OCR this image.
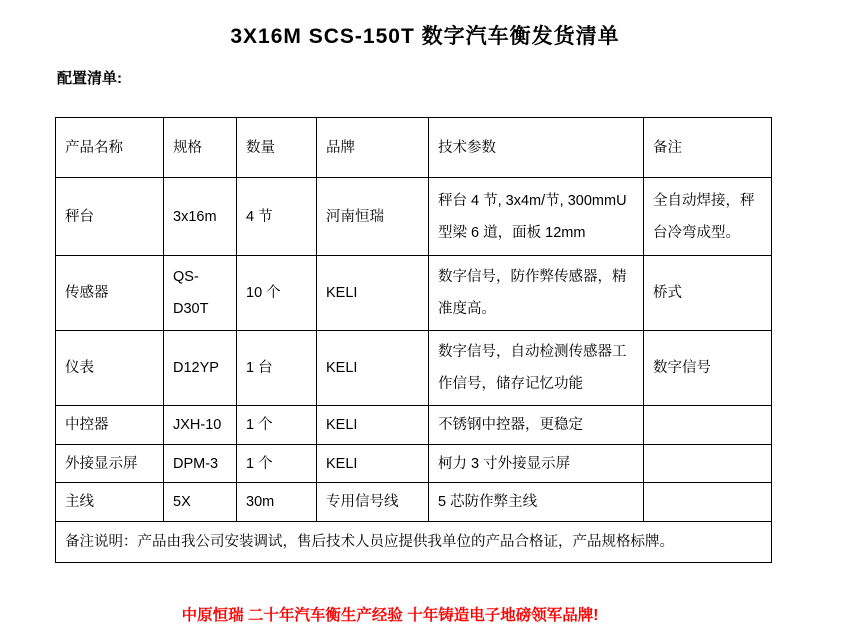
3X16M SCS-150T 数字汽车衡发货清单
配置清单:
产品名称	规格	数量	品牌	技术参数	备注
秤台	3x16m	4 节	河南恒瑞	秤台 4 节, 3x4m/节, 300mmU型梁 6 道，面板 12mm	全自动焊接，秤台冷弯成型。
传感器	QS-D30T	10 个	KELI	数字信号，防作弊传感器，精准度高。	桥式
仪表	D12YP	1 台	KELI	数字信号，自动检测传感器工作信号，储存记忆功能	数字信号
中控器	JXH-10	1 个	KELI	不锈钢中控器，更稳定	
外接显示屏	DPM-3	1 个	KELI	柯力 3 寸外接显示屏	
主线	5X	30m	专用信号线	5 芯防作弊主线	
备注说明：产品由我公司安装调试，售后技术人员应提供我单位的产品合格证，产品规格标牌。					
中原恒瑞 二十年汽车衡生产经验 十年铸造电子地磅领军品牌!
